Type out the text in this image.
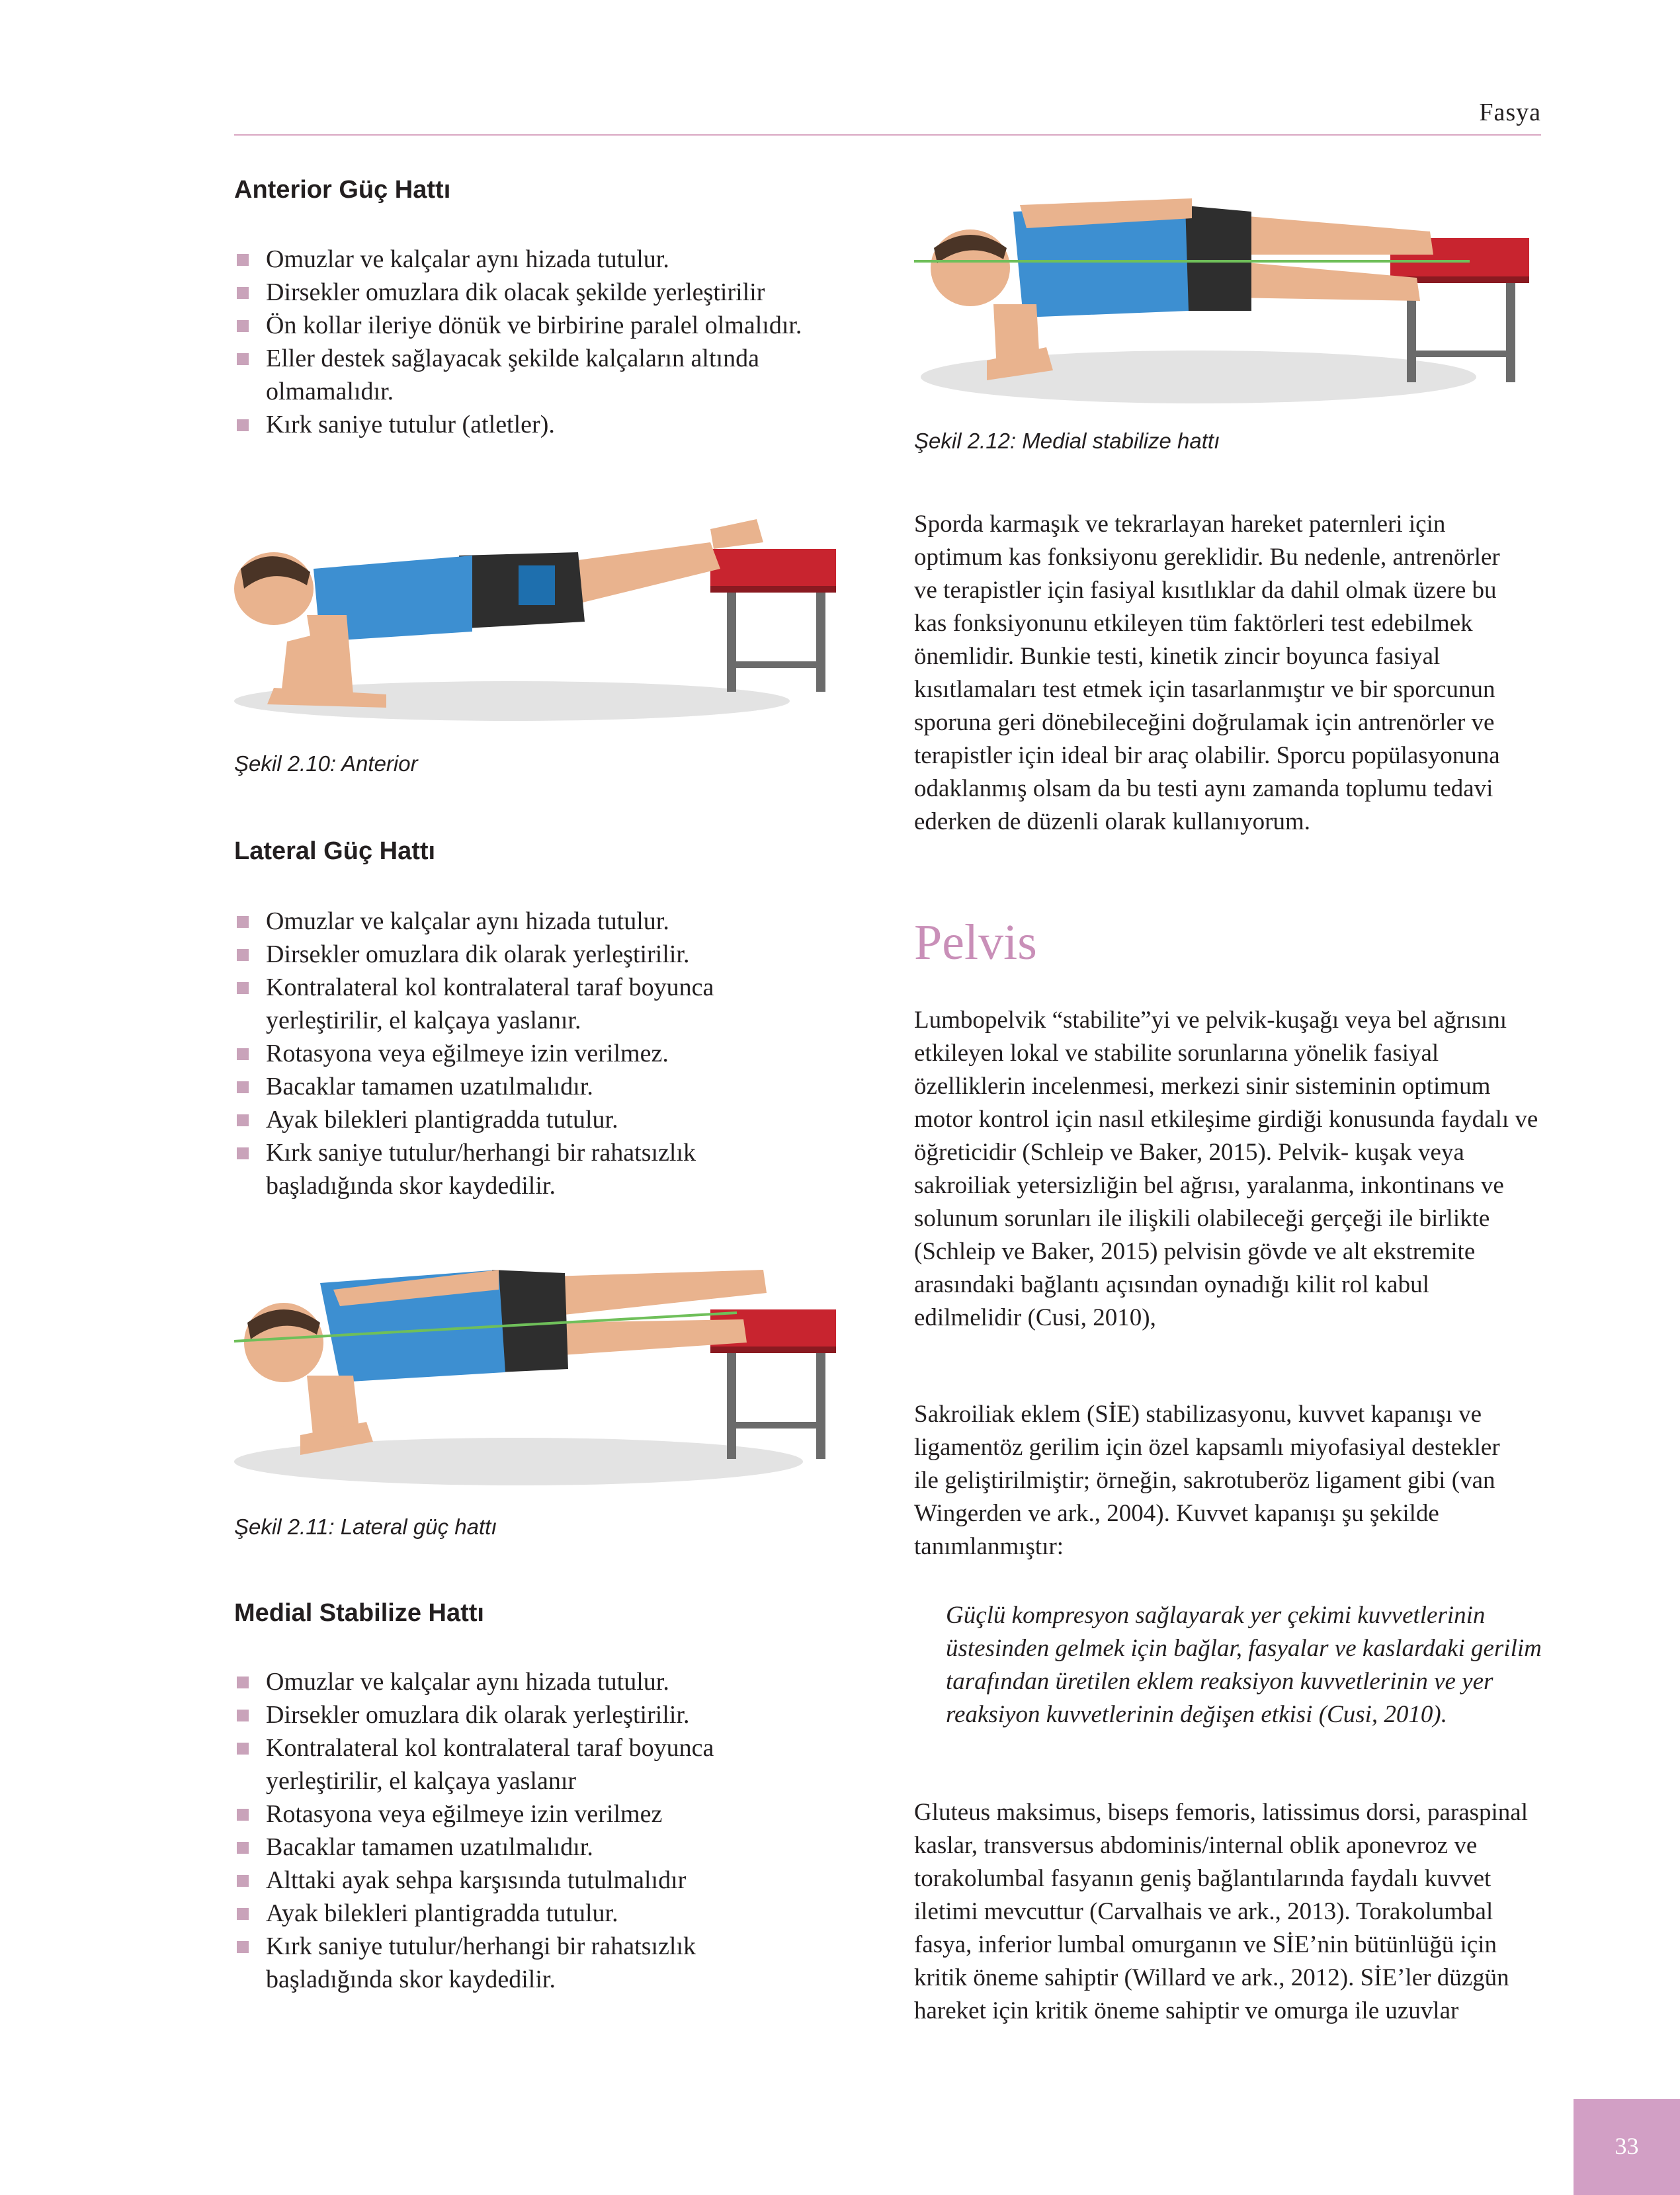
Fasya
Anterior Güç Hattı
Omuzlar ve kalçalar aynı hizada tutulur.
Dirsekler omuzlara dik olacak şekilde yerleştirilir
Ön kollar ileriye dönük ve birbirine paralel olmalıdır.
Eller destek sağlayacak şekilde kalçaların altında olmamalıdır.
Kırk saniye tutulur (atletler).
Şekil 2.10: Anterior
Lateral Güç Hattı
Omuzlar ve kalçalar aynı hizada tutulur.
Dirsekler omuzlara dik olarak yerleştirilir.
Kontralateral kol kontralateral taraf boyunca yerleştirilir, el kalçaya yaslanır.
Rotasyona veya eğilmeye izin verilmez.
Bacaklar tamamen uzatılmalıdır.
Ayak bilekleri plantigradda tutulur.
Kırk saniye tutulur/herhangi bir rahatsızlık başladığında skor kaydedilir.
Şekil 2.11: Lateral güç hattı
Medial Stabilize Hattı
Omuzlar ve kalçalar aynı hizada tutulur.
Dirsekler omuzlara dik olarak yerleştirilir.
Kontralateral kol kontralateral taraf boyunca yerleştirilir, el kalçaya yaslanır
Rotasyona veya eğilmeye izin verilmez
Bacaklar tamamen uzatılmalıdır.
Alttaki ayak sehpa karşısında tutulmalıdır
Ayak bilekleri plantigradda tutulur.
Kırk saniye tutulur/herhangi bir rahatsızlık başladığında skor kaydedilir.
Şekil 2.12: Medial stabilize hattı

Sporda karmaşık ve tekrarlayan hareket paternleri için optimum kas fonksiyonu gereklidir. Bu nedenle, antrenörler ve terapistler için fasiyal kısıtlıklar da dahil olmak üzere bu kas fonksiyonunu etkileyen tüm faktörleri test edebilmek önemlidir. Bunkie testi, kinetik zincir boyunca fasiyal kısıtlamaları test etmek için tasarlanmıştır ve bir sporcunun sporuna geri dönebileceğini doğrulamak için antrenörler ve terapistler için ideal bir araç olabilir. Sporcu popülasyonuna odaklanmış olsam da bu testi aynı zamanda toplumu tedavi ederken de düzenli olarak kullanıyorum.

Pelvis

Lumbopelvik “stabilite”yi ve pelvik-kuşağı veya bel ağrısını etkileyen lokal ve stabilite sorunlarına yönelik fasiyal özelliklerin incelenmesi, merkezi sinir sisteminin optimum motor kontrol için nasıl etkileşime girdiği konusunda faydalı ve öğreticidir (Schleip ve Baker, 2015). Pelvik- kuşak veya sakroiliak yetersizliğin bel ağrısı, yaralanma, inkontinans ve solunum sorunları ile ilişkili olabileceği gerçeği ile birlikte (Schleip ve Baker, 2015) pelvisin gövde ve alt ekstremite arasındaki bağlantı açısından oynadığı kilit rol kabul edilmelidir (Cusi, 2010),

Sakroiliak eklem (SİE) stabilizasyonu, kuvvet kapanışı ve ligamentöz gerilim için özel kapsamlı miyofasiyal destekler ile geliştirilmiştir; örneğin, sakrotuberöz ligament gibi (van Wingerden ve ark., 2004). Kuvvet kapanışı şu şekilde tanımlanmıştır:

Güçlü kompresyon sağlayarak yer çekimi kuvvetlerinin üstesinden gelmek için bağlar, fasyalar ve kaslardaki gerilim tarafından üretilen eklem reaksiyon kuvvetlerinin ve yer reaksiyon kuvvetlerinin değişen etkisi (Cusi, 2010).

Gluteus maksimus, biseps femoris, latissimus dorsi, paraspinal kaslar, transversus abdominis/internal oblik aponevroz ve torakolumbal fasyanın geniş bağlantılarında faydalı kuvvet iletimi mevcuttur (Carvalhais ve ark., 2013). Torakolumbal fasya, inferior lumbal omurganın ve SİE’nin bütünlüğü için kritik öneme sahiptir (Willard ve ark., 2012). SİE’ler düzgün hareket için kritik öneme sahiptir ve omurga ile uzuvlar

33
